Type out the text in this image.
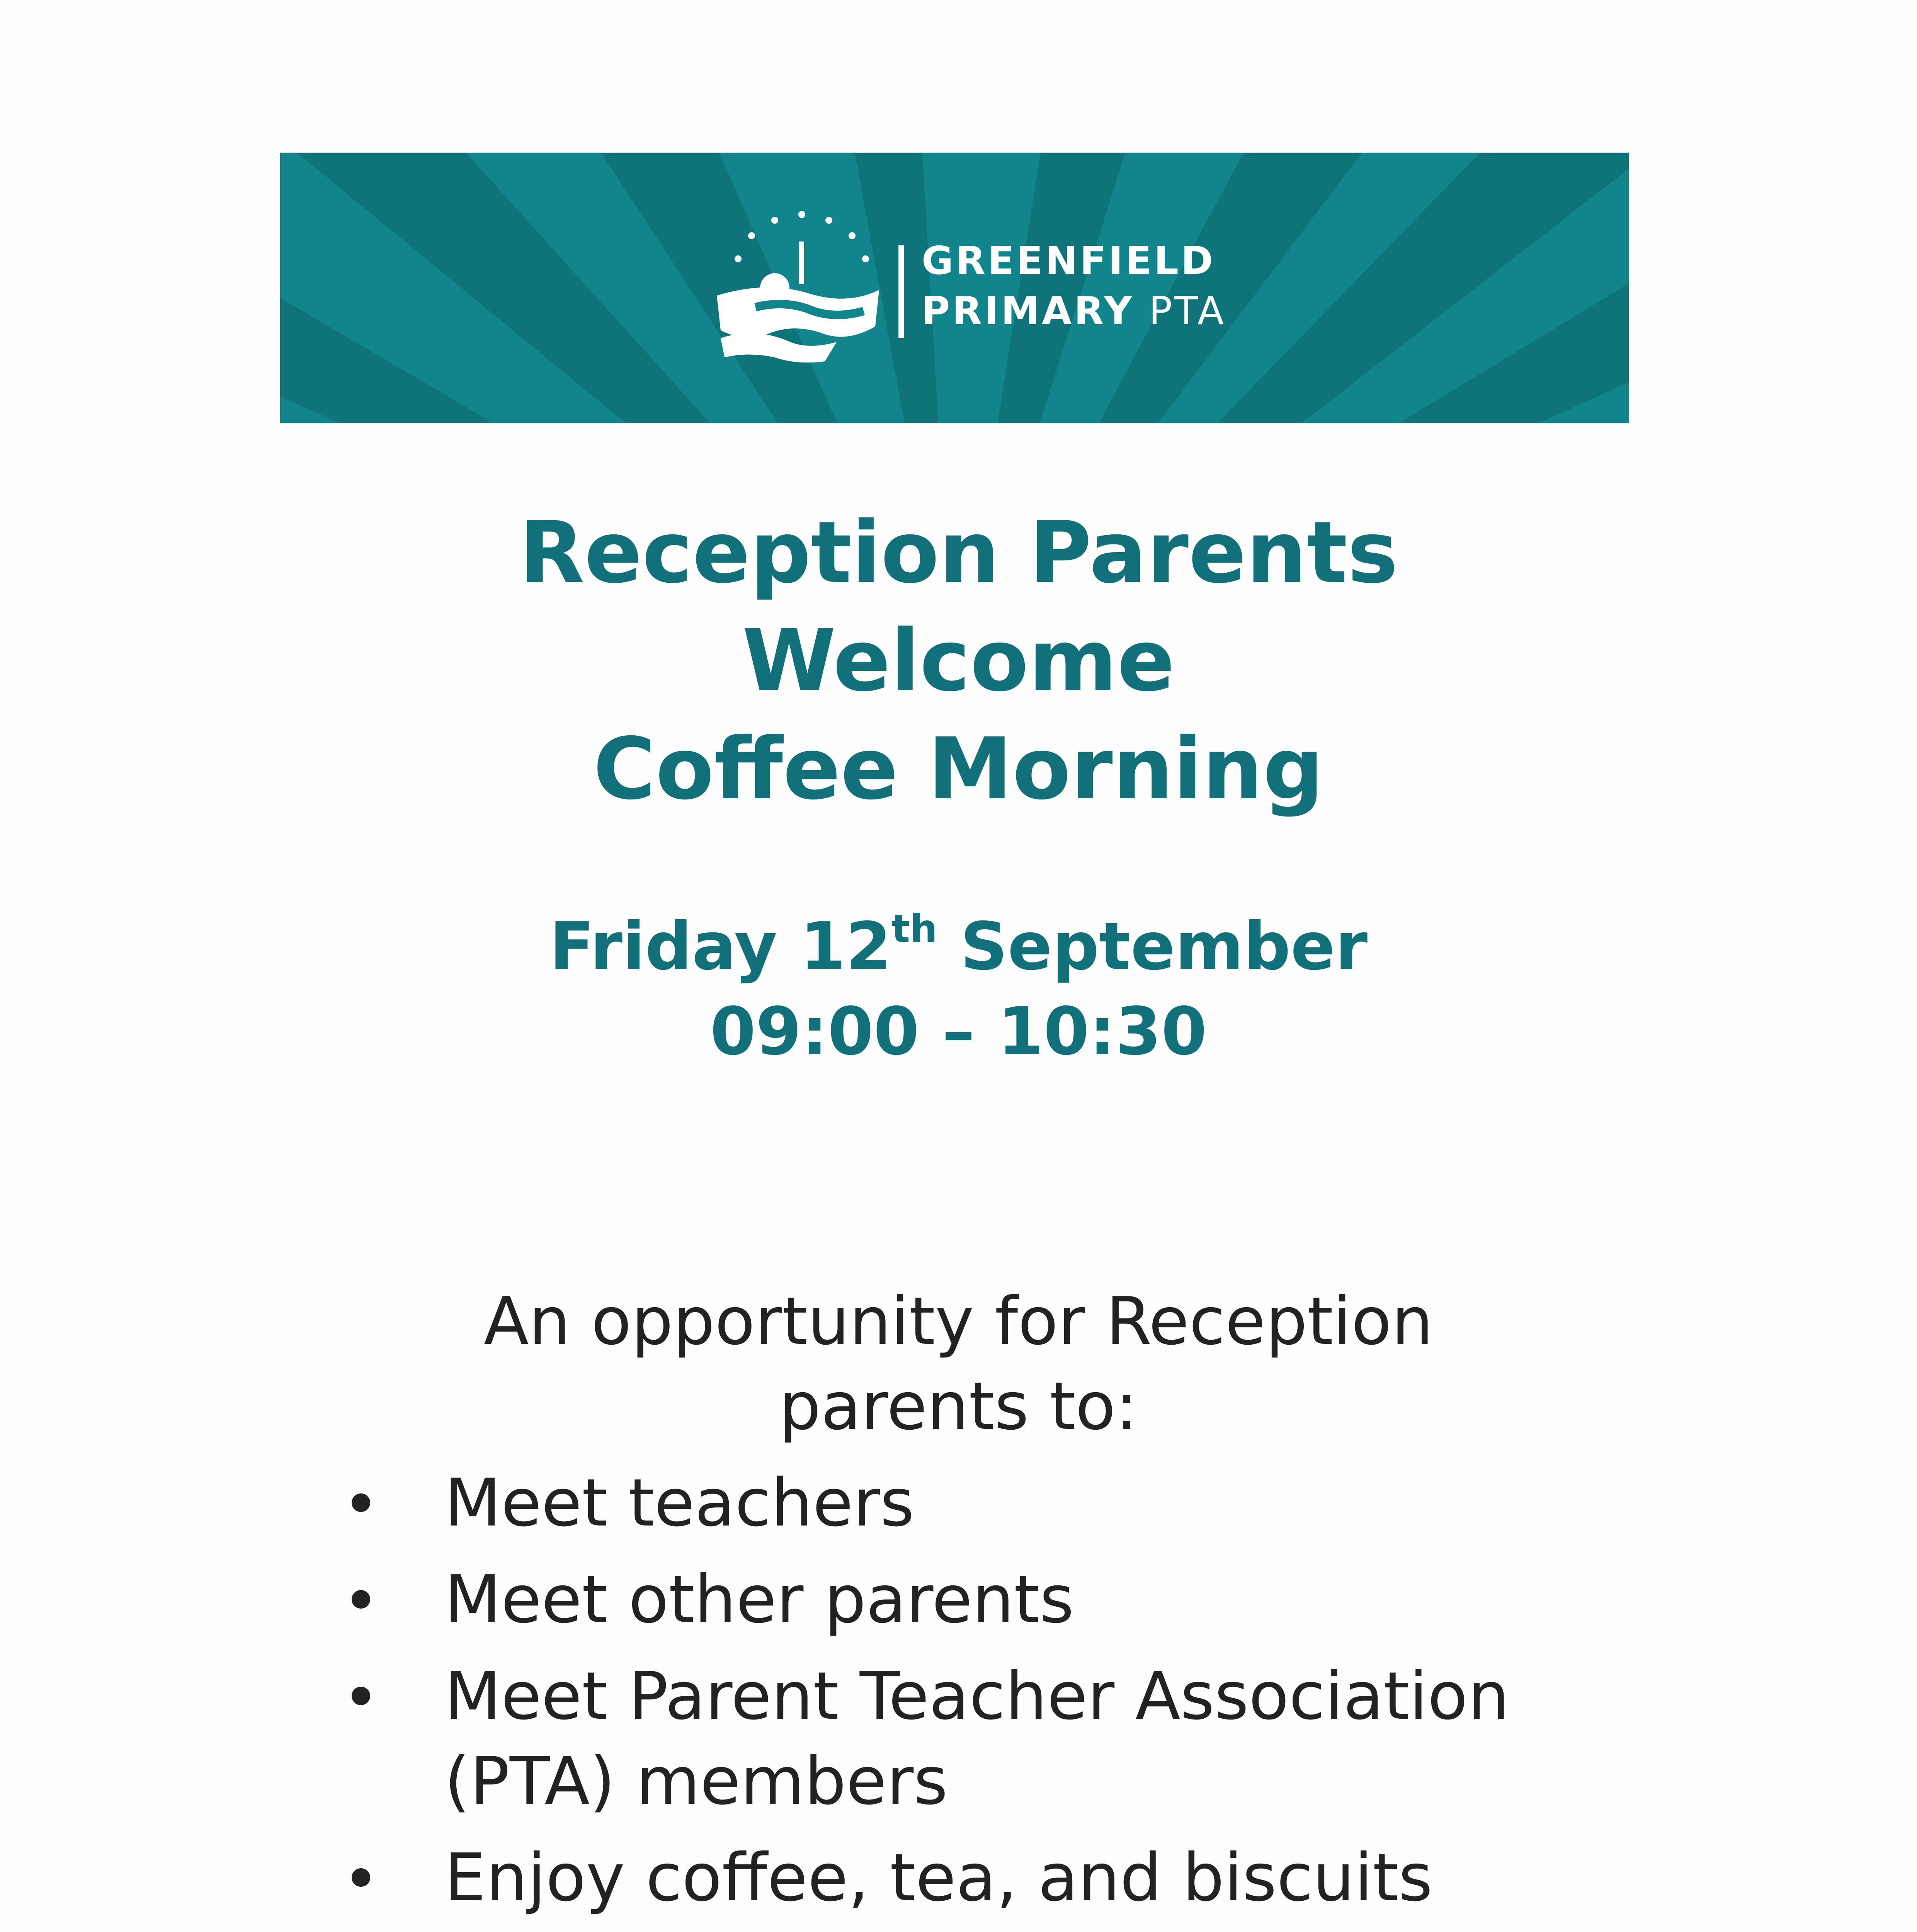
GREENFIELD
PRIMARY PTA
Reception Parents
Welcome
Coffee Morning
Friday 12th September
09:00 – 10:30
An opportunity for Reception
parents to:
Meet teachers
Meet other parents
Meet Parent Teacher Association
(PTA) members
Enjoy coffee, tea, and biscuits
